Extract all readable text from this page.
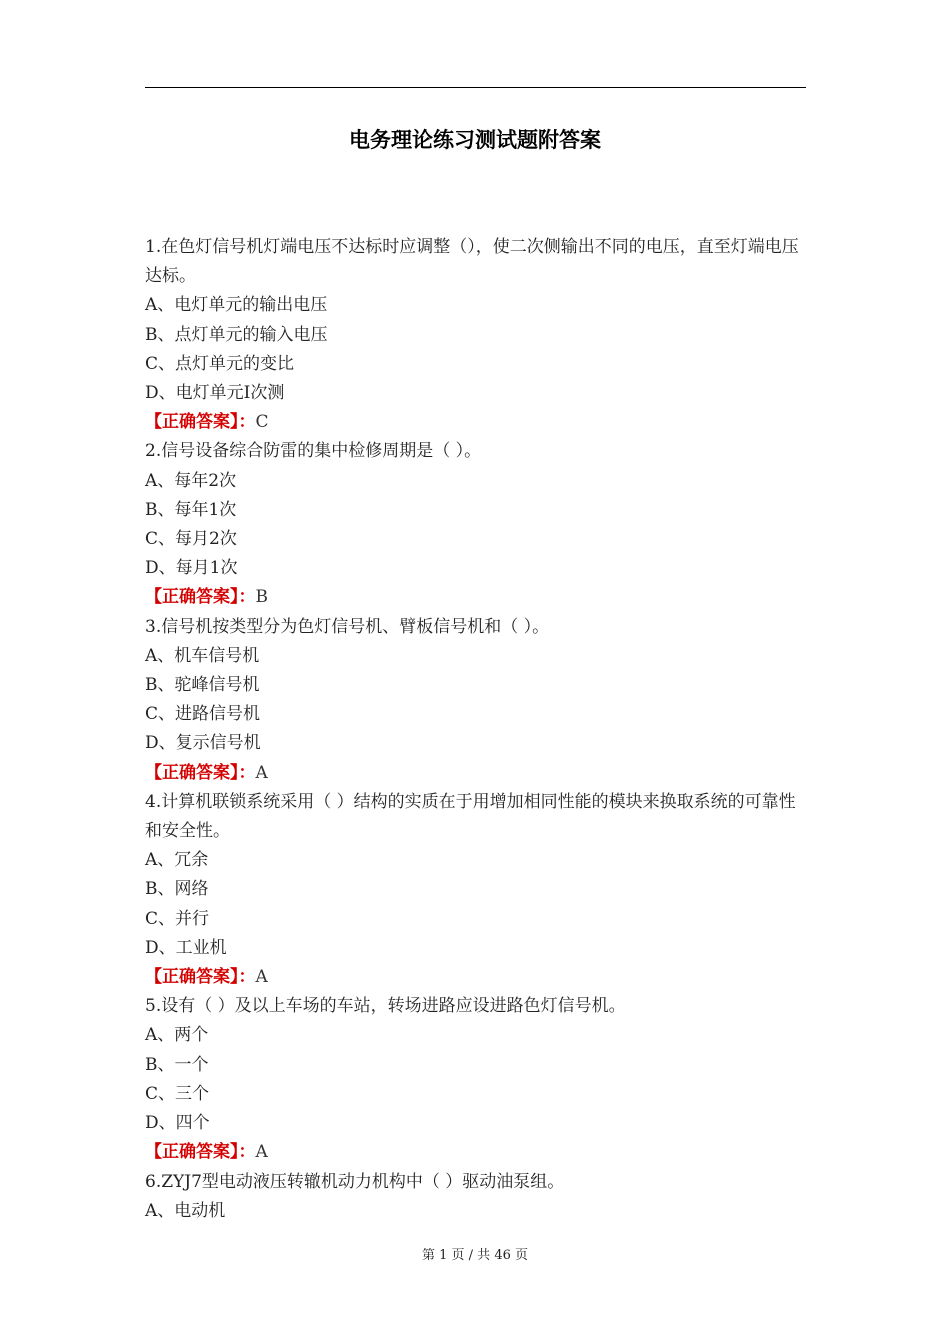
电务理论练习测试题附答案
1.在色灯信号机灯端电压不达标时应调整（），使二次侧输出不同的电压，直至灯端电压达标。
A、电灯单元的输出电压
B、点灯单元的输入电压
C、点灯单元的变比
D、电灯单元Ⅰ次测
【正确答案】：C
2.信号设备综合防雷的集中检修周期是（ ）。
A、每年2次
B、每年1次
C、每月2次
D、每月1次
【正确答案】：B
3.信号机按类型分为色灯信号机、臂板信号机和（ ）。
A、机车信号机
B、驼峰信号机
C、进路信号机
D、复示信号机
【正确答案】：A
4.计算机联锁系统采用（ ）结构的实质在于用增加相同性能的模块来换取系统的可靠性和安全性。
A、冗余
B、网络
C、并行
D、工业机
【正确答案】：A
5.设有（ ）及以上车场的车站，转场进路应设进路色灯信号机。
A、两个
B、一个
C、三个
D、四个
【正确答案】：A
6.ZYJ7型电动液压转辙机动力机构中（ ）驱动油泵组。
A、电动机
第 1 页 / 共 46 页
